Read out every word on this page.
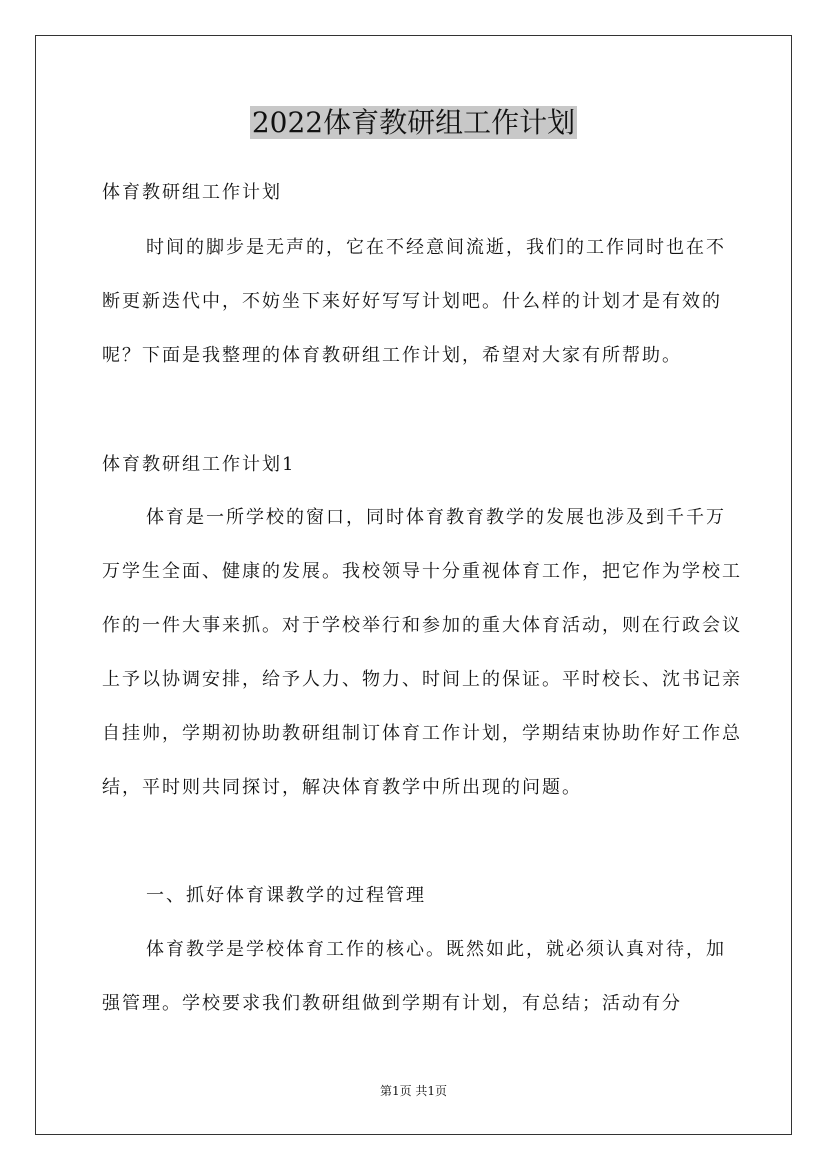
2022体育教研组工作计划
体育教研组工作计划
时间的脚步是无声的，它在不经意间流逝，我们的工作同时也在不断更新迭代中，不妨坐下来好好写写计划吧。什么样的计划才是有效的呢？下面是我整理的体育教研组工作计划，希望对大家有所帮助。
体育教研组工作计划1
体育是一所学校的窗口，同时体育教育教学的发展也涉及到千千万万学生全面、健康的发展。我校领导十分重视体育工作，把它作为学校工作的一件大事来抓。对于学校举行和参加的重大体育活动，则在行政会议上予以协调安排，给予人力、物力、时间上的保证。平时校长、沈书记亲自挂帅，学期初协助教研组制订体育工作计划，学期结束协助作好工作总结，平时则共同探讨，解决体育教学中所出现的问题。
一、抓好体育课教学的过程管理
体育教学是学校体育工作的核心。既然如此，就必须认真对待，加强管理。学校要求我们教研组做到学期有计划，有总结；活动有分
第1页 共1页
